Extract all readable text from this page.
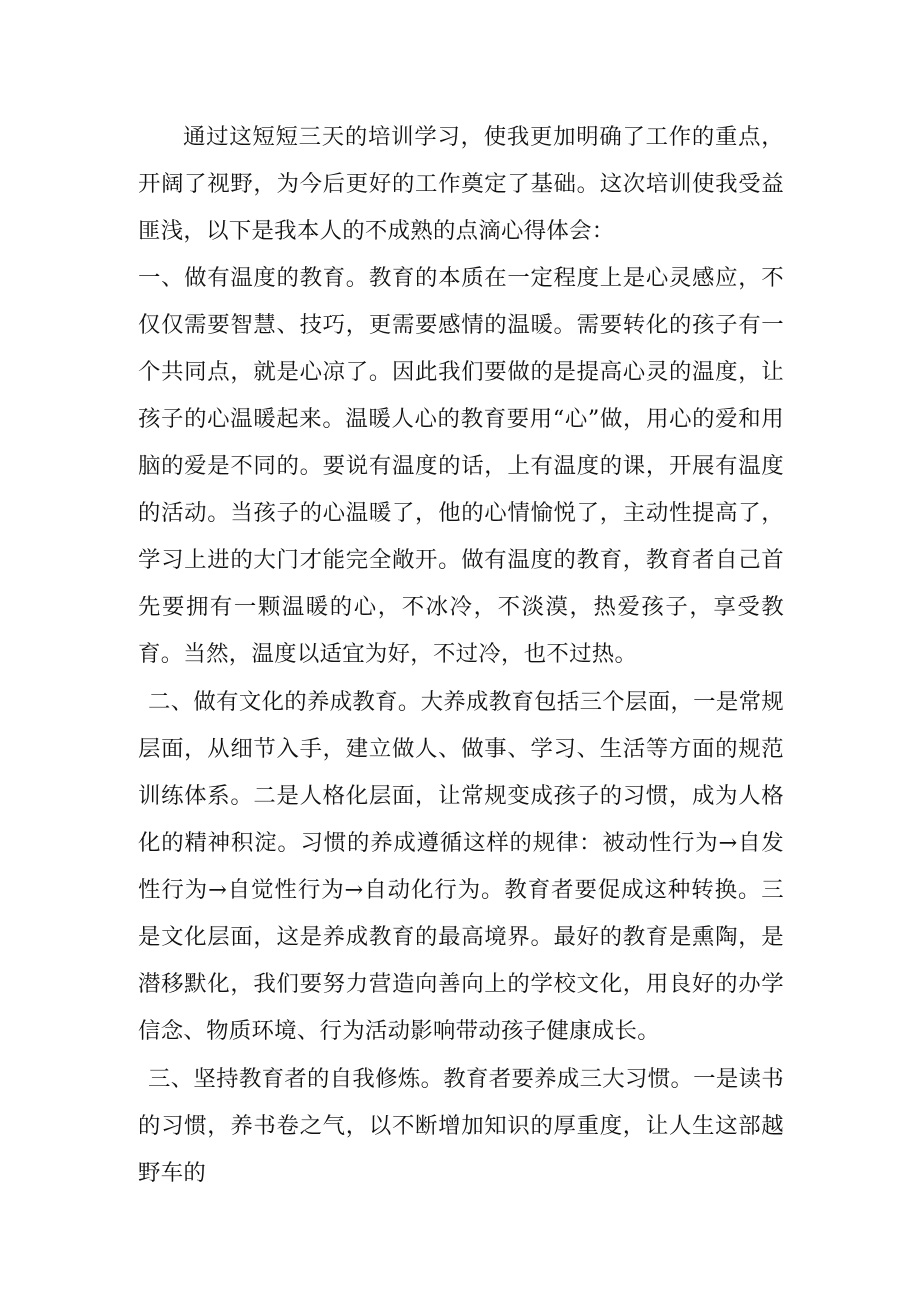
通过这短短三天的培训学习，使我更加明确了工作的重点，开阔了视野，为今后更好的工作奠定了基础。这次培训使我受益匪浅，以下是我本人的不成熟的点滴心得体会：

一、做有温度的教育。教育的本质在一定程度上是心灵感应，不仅仅需要智慧、技巧，更需要感情的温暖。需要转化的孩子有一个共同点，就是心凉了。因此我们要做的是提高心灵的温度，让孩子的心温暖起来。温暖人心的教育要用“心”做，用心的爱和用脑的爱是不同的。要说有温度的话，上有温度的课，开展有温度的活动。当孩子的心温暖了，他的心情愉悦了，主动性提高了，学习上进的大门才能完全敞开。做有温度的教育，教育者自己首先要拥有一颗温暖的心，不冰冷，不淡漠，热爱孩子，享受教育。当然，温度以适宜为好，不过冷，也不过热。

二、做有文化的养成教育。大养成教育包括三个层面，一是常规层面，从细节入手，建立做人、做事、学习、生活等方面的规范训练体系。二是人格化层面，让常规变成孩子的习惯，成为人格化的精神积淀。习惯的养成遵循这样的规律：被动性行为→自发性行为→自觉性行为→自动化行为。教育者要促成这种转换。三是文化层面，这是养成教育的最高境界。最好的教育是熏陶，是潜移默化，我们要努力营造向善向上的学校文化，用良好的办学信念、物质环境、行为活动影响带动孩子健康成长。

三、坚持教育者的自我修炼。教育者要养成三大习惯。一是读书的习惯，养书卷之气，以不断增加知识的厚重度，让人生这部越野车的
